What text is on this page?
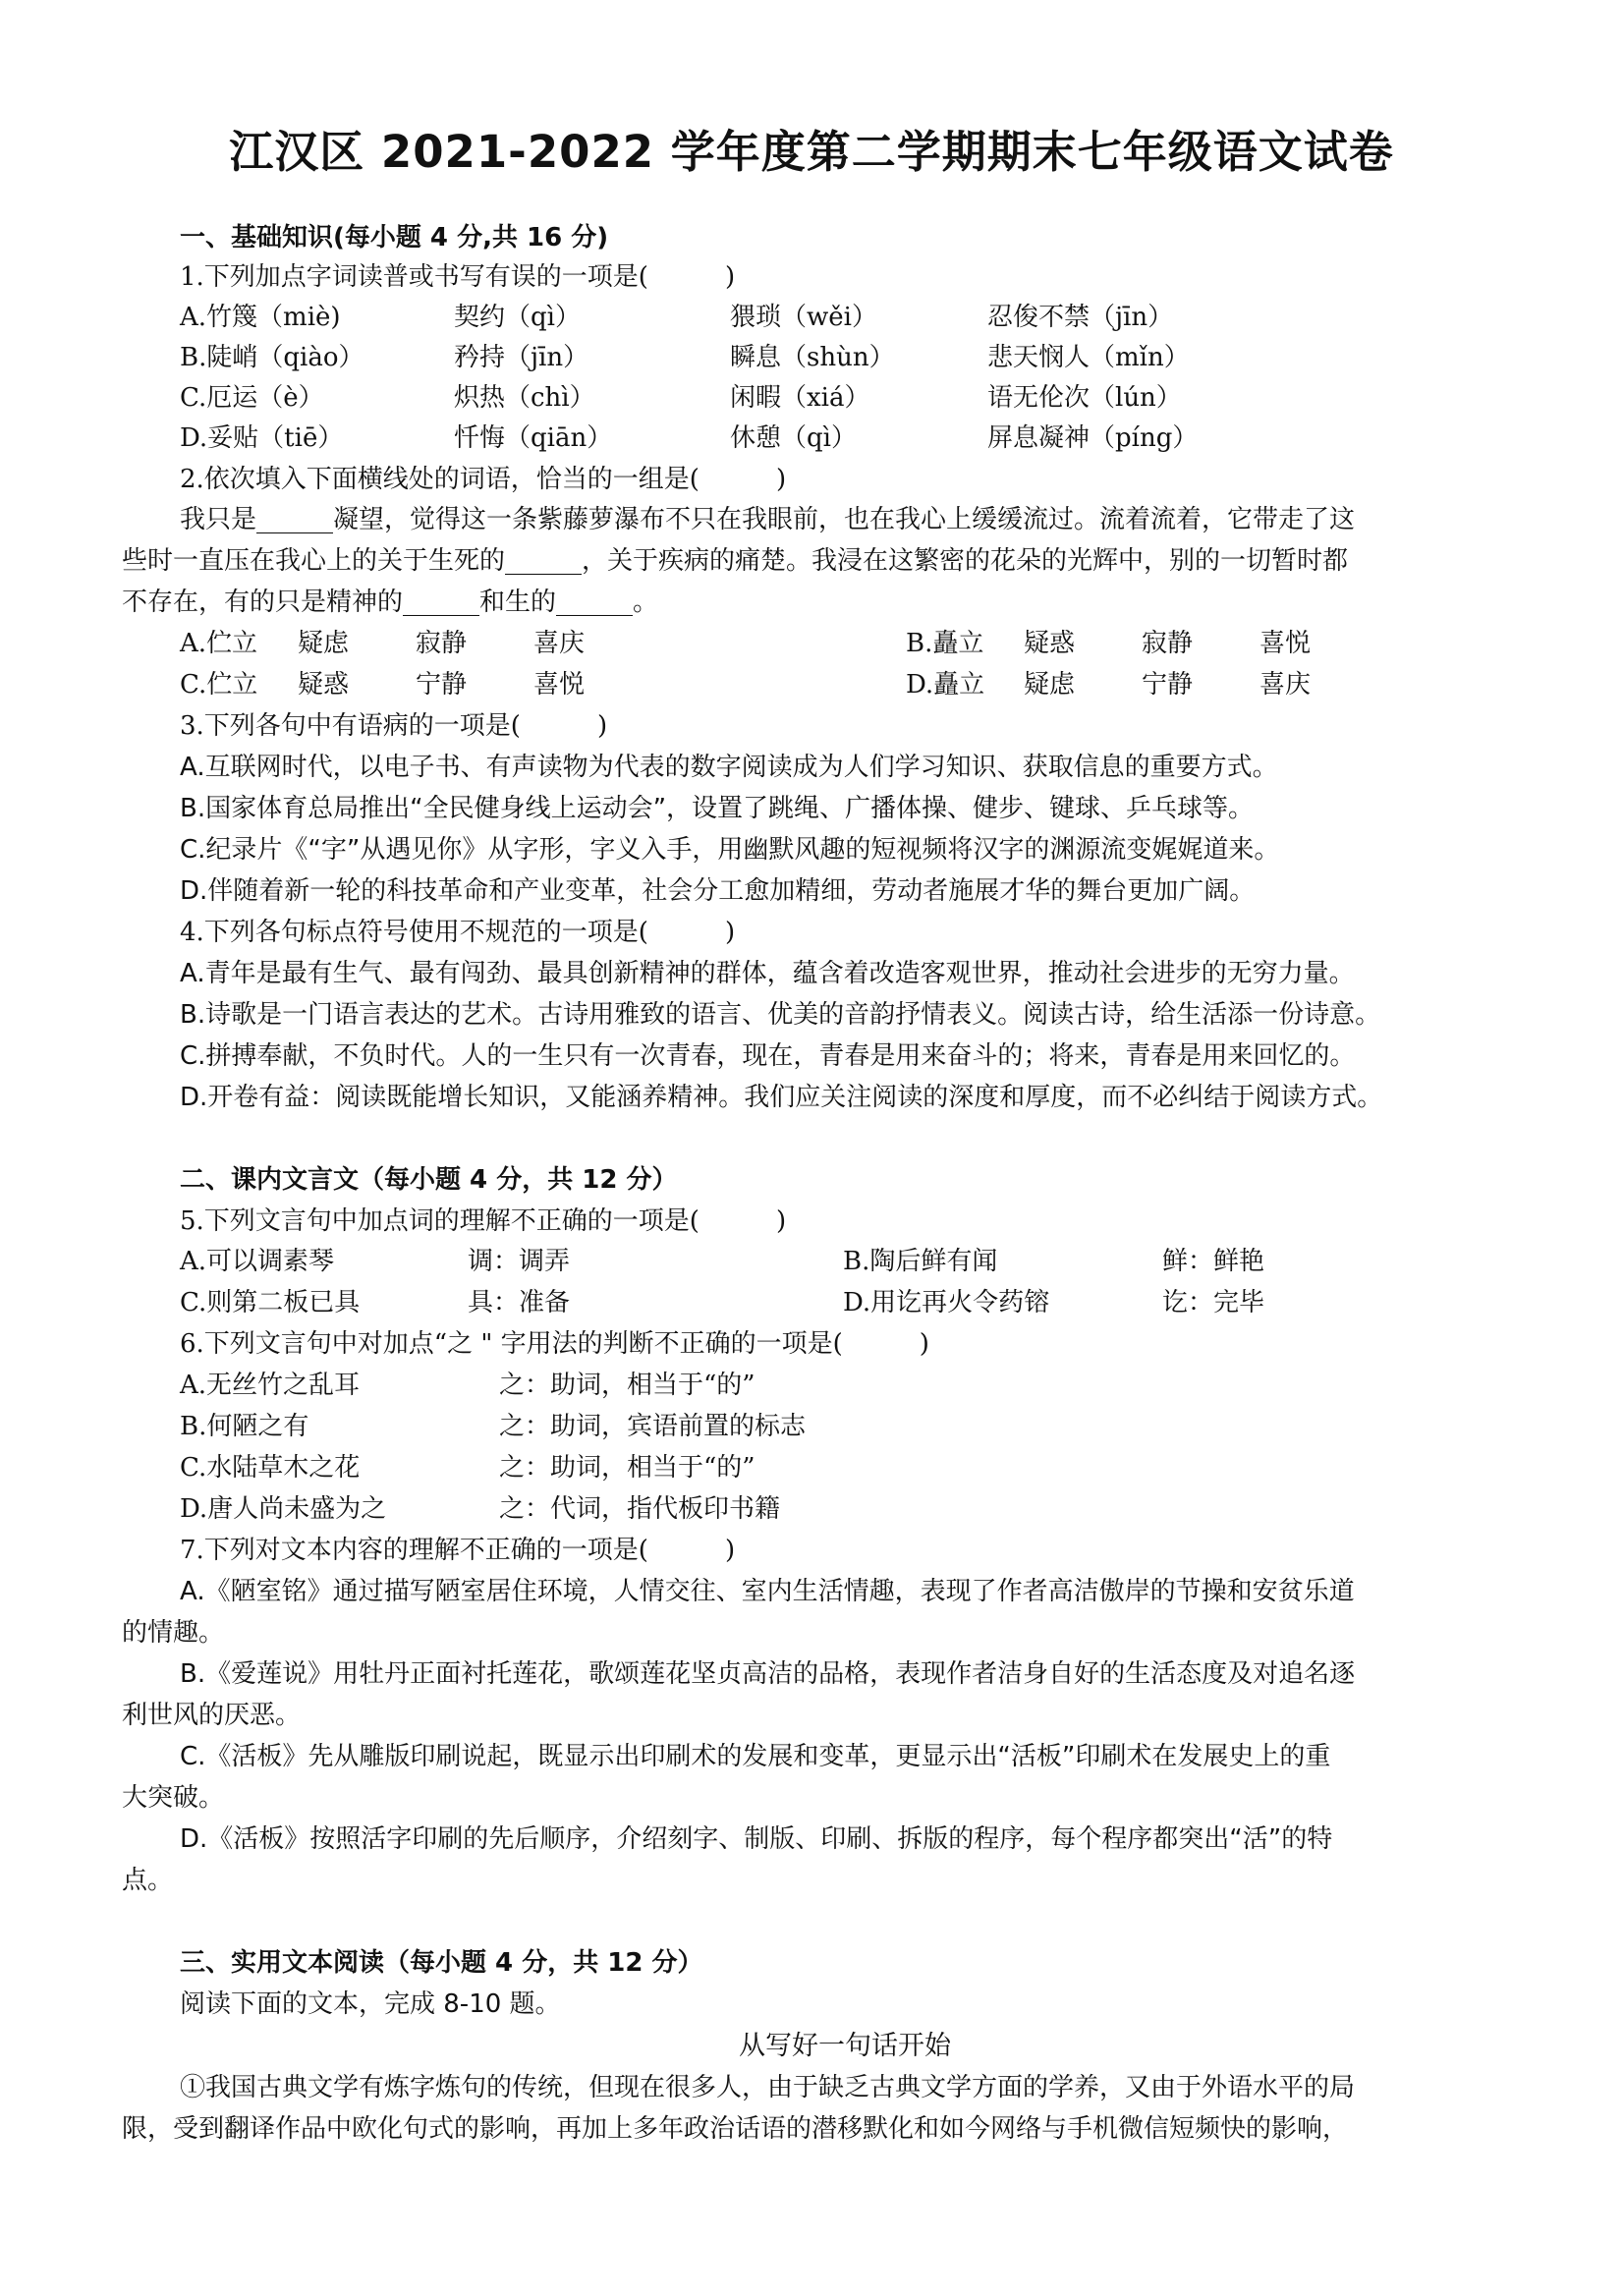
江汉区 2021-2022 学年度第二学期期末七年级语文试卷
一、基础知识(每小题 4 分,共 16 分)
1.下列加点字词读普或书写有误的一项是(　　　)
A.竹篾（miè)	契约（qì）	猥琐（wěi）	忍俊不禁（jīn）
B.陡峭（qiào）	矜持（jīn）	瞬息（shùn）	悲天悯人（mǐn）
C.厄运（è）	炽热（chì）	闲暇（xiá）	语无伦次（lún）
D.妥贴（tiē）	忏悔（qiān）	休憩（qì）	屏息凝神（píng）
2.依次填入下面横线处的词语，恰当的一组是(　　　)
我只是______凝望，觉得这一条紫藤萝瀑布不只在我眼前，也在我心上缓缓流过。流着流着，它带走了这
些时一直压在我心上的关于生死的______，关于疾病的痛楚。我浸在这繁密的花朵的光辉中，别的一切暂时都
不存在，有的只是精神的______和生的______。
A.伫立 疑虑	寂静	喜庆	B.矗立 疑惑	寂静	喜悦
C.伫立 疑惑	宁静	喜悦	D.矗立 疑虑	宁静	喜庆
3.下列各句中有语病的一项是(　　　)
A.互联网时代，以电子书、有声读物为代表的数字阅读成为人们学习知识、获取信息的重要方式。
B.国家体育总局推出“全民健身线上运动会”，设置了跳绳、广播体操、健步、键球、乒乓球等。
C.纪录片《“字”从遇见你》从字形，字义入手，用幽默风趣的短视频将汉字的渊源流变娓娓道来。
D.伴随着新一轮的科技革命和产业变革，社会分工愈加精细，劳动者施展才华的舞台更加广阔。
4.下列各句标点符号使用不规范的一项是(　　　)
A.青年是最有生气、最有闯劲、最具创新精神的群体，蕴含着改造客观世界，推动社会进步的无穷力量。
B.诗歌是一门语言表达的艺术。古诗用雅致的语言、优美的音韵抒情表义。阅读古诗，给生活添一份诗意。
C.拼搏奉献，不负时代。人的一生只有一次青春，现在，青春是用来奋斗的；将来，青春是用来回忆的。
D.开卷有益：阅读既能增长知识，又能涵养精神。我们应关注阅读的深度和厚度，而不必纠结于阅读方式。
二、课内文言文（每小题 4 分，共 12 分）
5.下列文言句中加点词的理解不正确的一项是(　　　)
A.可以调素琴	调：调弄	B.陶后鲜有闻	鲜：鲜艳
C.则第二板已具	具：准备	D.用讫再火令药镕	讫：完毕
6.下列文言句中对加点“之 " 字用法的判断不正确的一项是(　　　)
A.无丝竹之乱耳	之：助词，相当于“的”
B.何陋之有	之：助词，宾语前置的标志
C.水陆草木之花	之：助词，相当于“的”
D.唐人尚未盛为之	之：代词，指代板印书籍
7.下列对文本内容的理解不正确的一项是(　　　)
A.《陋室铭》通过描写陋室居住环境，人情交往、室内生活情趣，表现了作者高洁傲岸的节操和安贫乐道
的情趣。
B.《爱莲说》用牡丹正面衬托莲花，歌颂莲花坚贞高洁的品格，表现作者洁身自好的生活态度及对追名逐
利世风的厌恶。
C.《活板》先从雕版印刷说起，既显示出印刷术的发展和变革，更显示出“活板”印刷术在发展史上的重
大突破。
D.《活板》按照活字印刷的先后顺序，介绍刻字、制版、印刷、拆版的程序，每个程序都突出“活”的特
点。
三、实用文本阅读（每小题 4 分，共 12 分）
阅读下面的文本，完成 8-10 题。
从写好一句话开始
①我国古典文学有炼字炼句的传统，但现在很多人，由于缺乏古典文学方面的学养，又由于外语水平的局
限，受到翻译作品中欧化句式的影响，再加上多年政治话语的潜移默化和如今网络与手机微信短频快的影响，
